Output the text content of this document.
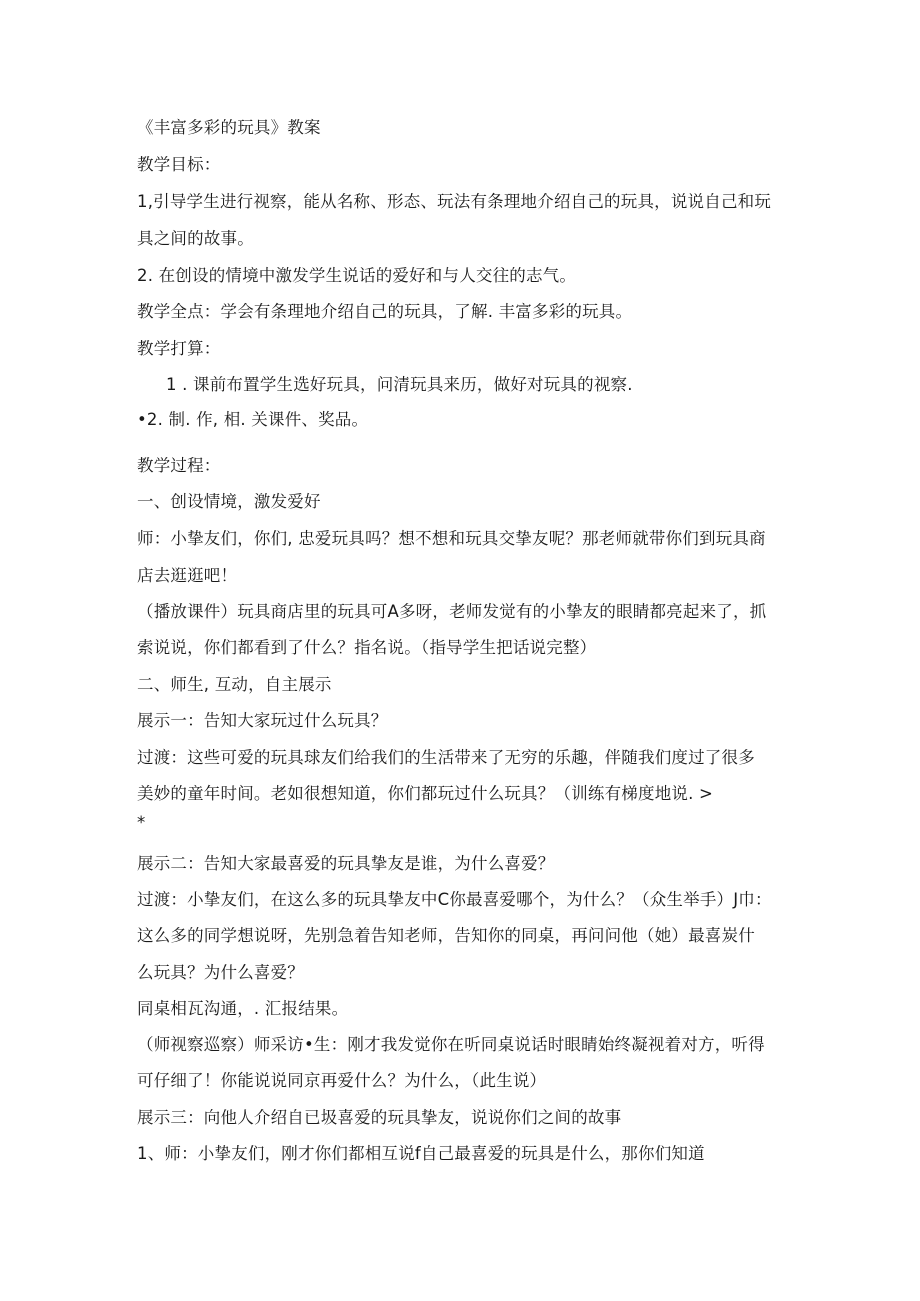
《丰富多彩的玩具》教案
教学目标：
1,引导学生进行视察，能从名称、形态、玩法有条理地介绍自己的玩具，说说自己和玩
具之间的故事。
2. 在创设的情境中激发学生说话的爱好和与人交往的志气。
教学全点：学会有条理地介绍自己的玩具，了解. 丰富多彩的玩具。
教学打算：
1 . 课前布置学生选好玩具，问清玩具来历，做好对玩具的视察.
•2. 制. 作, 相. 关课件、奖品。
教学过程：
一、创设情境，激发爱好
师：小挚友们，你们, 忠爱玩具吗？想不想和玩具交挚友呢？那老师就带你们到玩具商
店去逛逛吧！
（播放课件）玩具商店里的玩具可A多呀，老师发觉有的小挚友的眼睛都亮起来了，抓
索说说，你们都看到了什么？指名说。（指导学生把话说完整）
二、师生, 互动，自主展示
展示一：告知大家玩过什么玩具？
过渡：这些可爱的玩具球友们给我们的生活带来了无穷的乐趣，伴随我们度过了很多
美妙的童年时间。老如很想知道，你们都玩过什么玩具？（训练有梯度地说. >
*
展示二：告知大家最喜爱的玩具挚友是谁，为什么喜爱？
过渡：小挚友们，在这么多的玩具挚友中C你最喜爱哪个，为什么？（众生举手）J巾：
这么多的同学想说呀，先别急着告知老师，告知你的同桌，再问问他（她）最喜炭什
么玩具？为什么喜爱？
同桌相瓦沟通，. 汇报结果。
（师视察巡察）师采访•生：刚才我发觉你在听同桌说话时眼睛始终凝视着对方，听得
可仔细了！你能说说同京再爱什么？为什么，（此生说）
展示三：向他人介绍自已圾喜爱的玩具挚友，说说你们之间的故事
1、师：小挚友们，刚才你们都相互说f自己最喜爱的玩具是什么，那你们知道
